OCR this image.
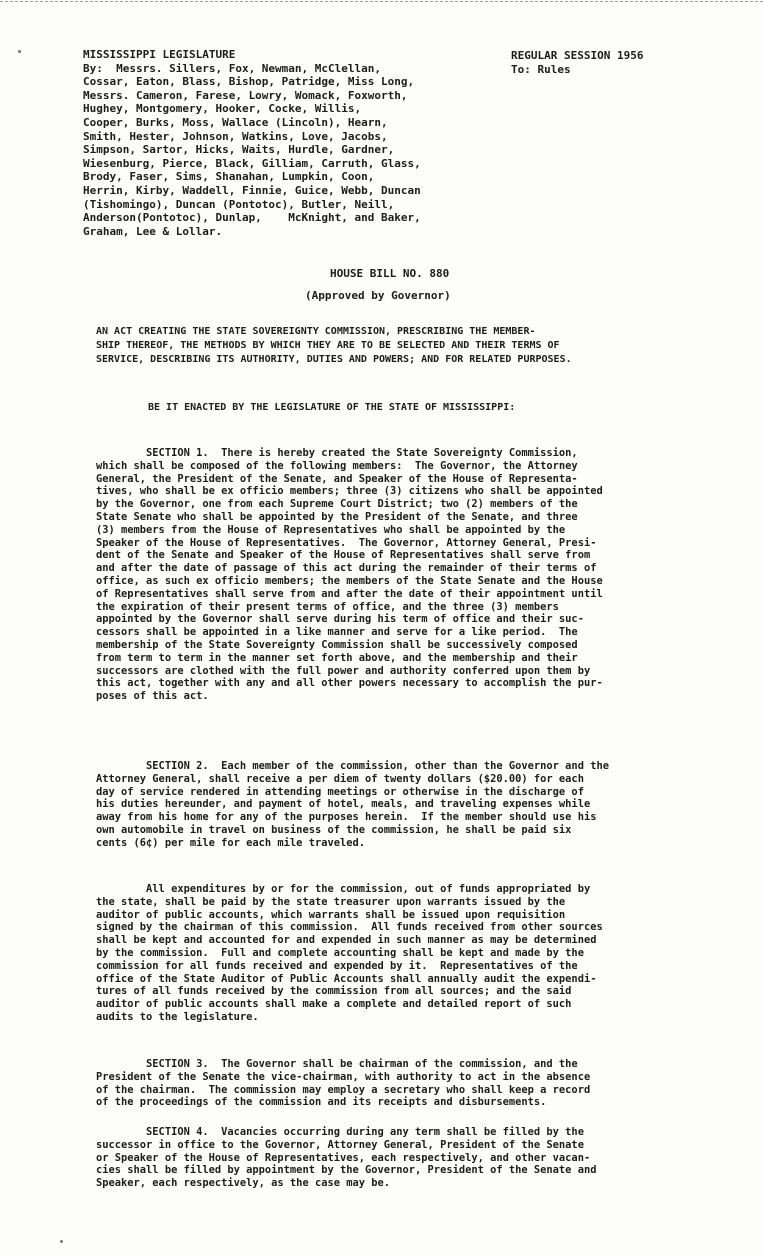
MISSISSIPPI LEGISLATURE
By:  Messrs. Sillers, Fox, Newman, McClellan,
Cossar, Eaton, Blass, Bishop, Patridge, Miss Long,
Messrs. Cameron, Farese, Lowry, Womack, Foxworth,
Hughey, Montgomery, Hooker, Cocke, Willis,
Cooper, Burks, Moss, Wallace (Lincoln), Hearn,
Smith, Hester, Johnson, Watkins, Love, Jacobs,
Simpson, Sartor, Hicks, Waits, Hurdle, Gardner,
Wiesenburg, Pierce, Black, Gilliam, Carruth, Glass,
Brody, Faser, Sims, Shanahan, Lumpkin, Coon,
Herrin, Kirby, Waddell, Finnie, Guice, Webb, Duncan
(Tishomingo), Duncan (Pontotoc), Butler, Neill,
Anderson(Pontotoc), Dunlap,    McKnight, and Baker,
Graham, Lee & Lollar.
REGULAR SESSION 1956
To: Rules
HOUSE BILL NO. 880
(Approved by Governor)
AN ACT CREATING THE STATE SOVEREIGNTY COMMISSION, PRESCRIBING THE MEMBER-
SHIP THEREOF, THE METHODS BY WHICH THEY ARE TO BE SELECTED AND THEIR TERMS OF
SERVICE, DESCRIBING ITS AUTHORITY, DUTIES AND POWERS; AND FOR RELATED PURPOSES.
BE IT ENACTED BY THE LEGISLATURE OF THE STATE OF MISSISSIPPI:
SECTION 1.  There is hereby created the State Sovereignty Commission,
which shall be composed of the following members:  The Governor, the Attorney
General, the President of the Senate, and Speaker of the House of Representa-
tives, who shall be ex officio members; three (3) citizens who shall be appointed
by the Governor, one from each Supreme Court District; two (2) members of the
State Senate who shall be appointed by the President of the Senate, and three
(3) members from the House of Representatives who shall be appointed by the
Speaker of the House of Representatives.  The Governor, Attorney General, Presi-
dent of the Senate and Speaker of the House of Representatives shall serve from
and after the date of passage of this act during the remainder of their terms of
office, as such ex officio members; the members of the State Senate and the House
of Representatives shall serve from and after the date of their appointment until
the expiration of their present terms of office, and the three (3) members
appointed by the Governor shall serve during his term of office and their suc-
cessors shall be appointed in a like manner and serve for a like period.  The
membership of the State Sovereignty Commission shall be successively composed
from term to term in the manner set forth above, and the membership and their
successors are clothed with the full power and authority conferred upon them by
this act, together with any and all other powers necessary to accomplish the pur-
poses of this act.
SECTION 2.  Each member of the commission, other than the Governor and the
Attorney General, shall receive a per diem of twenty dollars ($20.00) for each
day of service rendered in attending meetings or otherwise in the discharge of
his duties hereunder, and payment of hotel, meals, and traveling expenses while
away from his home for any of the purposes herein.  If the member should use his
own automobile in travel on business of the commission, he shall be paid six
cents (6¢) per mile for each mile traveled.
All expenditures by or for the commission, out of funds appropriated by
the state, shall be paid by the state treasurer upon warrants issued by the
auditor of public accounts, which warrants shall be issued upon requisition
signed by the chairman of this commission.  All funds received from other sources
shall be kept and accounted for and expended in such manner as may be determined
by the commission.  Full and complete accounting shall be kept and made by the
commission for all funds received and expended by it.  Representatives of the
office of the State Auditor of Public Accounts shall annually audit the expendi-
tures of all funds received by the commission from all sources; and the said
auditor of public accounts shall make a complete and detailed report of such
audits to the legislature.
SECTION 3.  The Governor shall be chairman of the commission, and the
President of the Senate the vice-chairman, with authority to act in the absence
of the chairman.  The commission may employ a secretary who shall keep a record
of the proceedings of the commission and its receipts and disbursements.
SECTION 4.  Vacancies occurring during any term shall be filled by the
successor in office to the Governor, Attorney General, President of the Senate
or Speaker of the House of Representatives, each respectively, and other vacan-
cies shall be filled by appointment by the Governor, President of the Senate and
Speaker, each respectively, as the case may be.
